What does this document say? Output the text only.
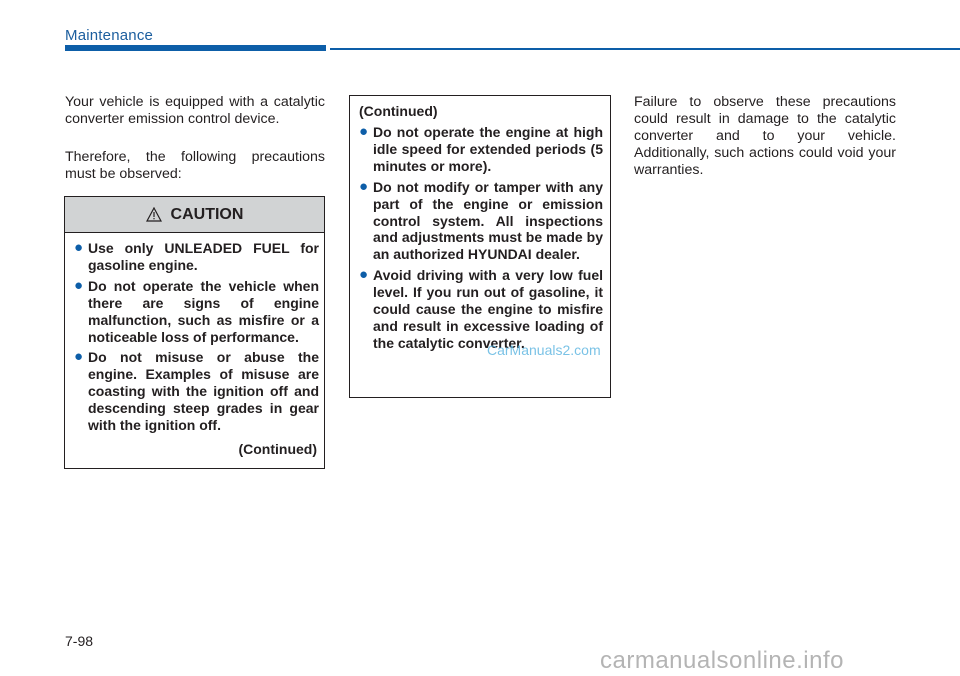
Maintenance

Your vehicle is equipped with a catalytic converter emission control device.

Therefore, the following precautions must be observed:

CAUTION
● Use only UNLEADED FUEL for gasoline engine.
● Do not operate the vehicle when there are signs of engine malfunction, such as misfire or a noticeable loss of performance.
● Do not misuse or abuse the engine. Examples of misuse are coasting with the ignition off and descending steep grades in gear with the ignition off.
(Continued)
(Continued)
● Do not operate the engine at high idle speed for extended periods (5 minutes or more).
● Do not modify or tamper with any part of the engine or emission control system. All inspections and adjustments must be made by an authorized HYUNDAI dealer.
● Avoid driving with a very low fuel level. If you run out of gasoline, it could cause the engine to misfire and result in excessive loading of the catalytic converter.

Failure to observe these precautions could result in damage to the catalytic converter and to your vehicle. Additionally, such actions could void your warranties.

CarManuals2.com
7-98
carmanualsonline.info
